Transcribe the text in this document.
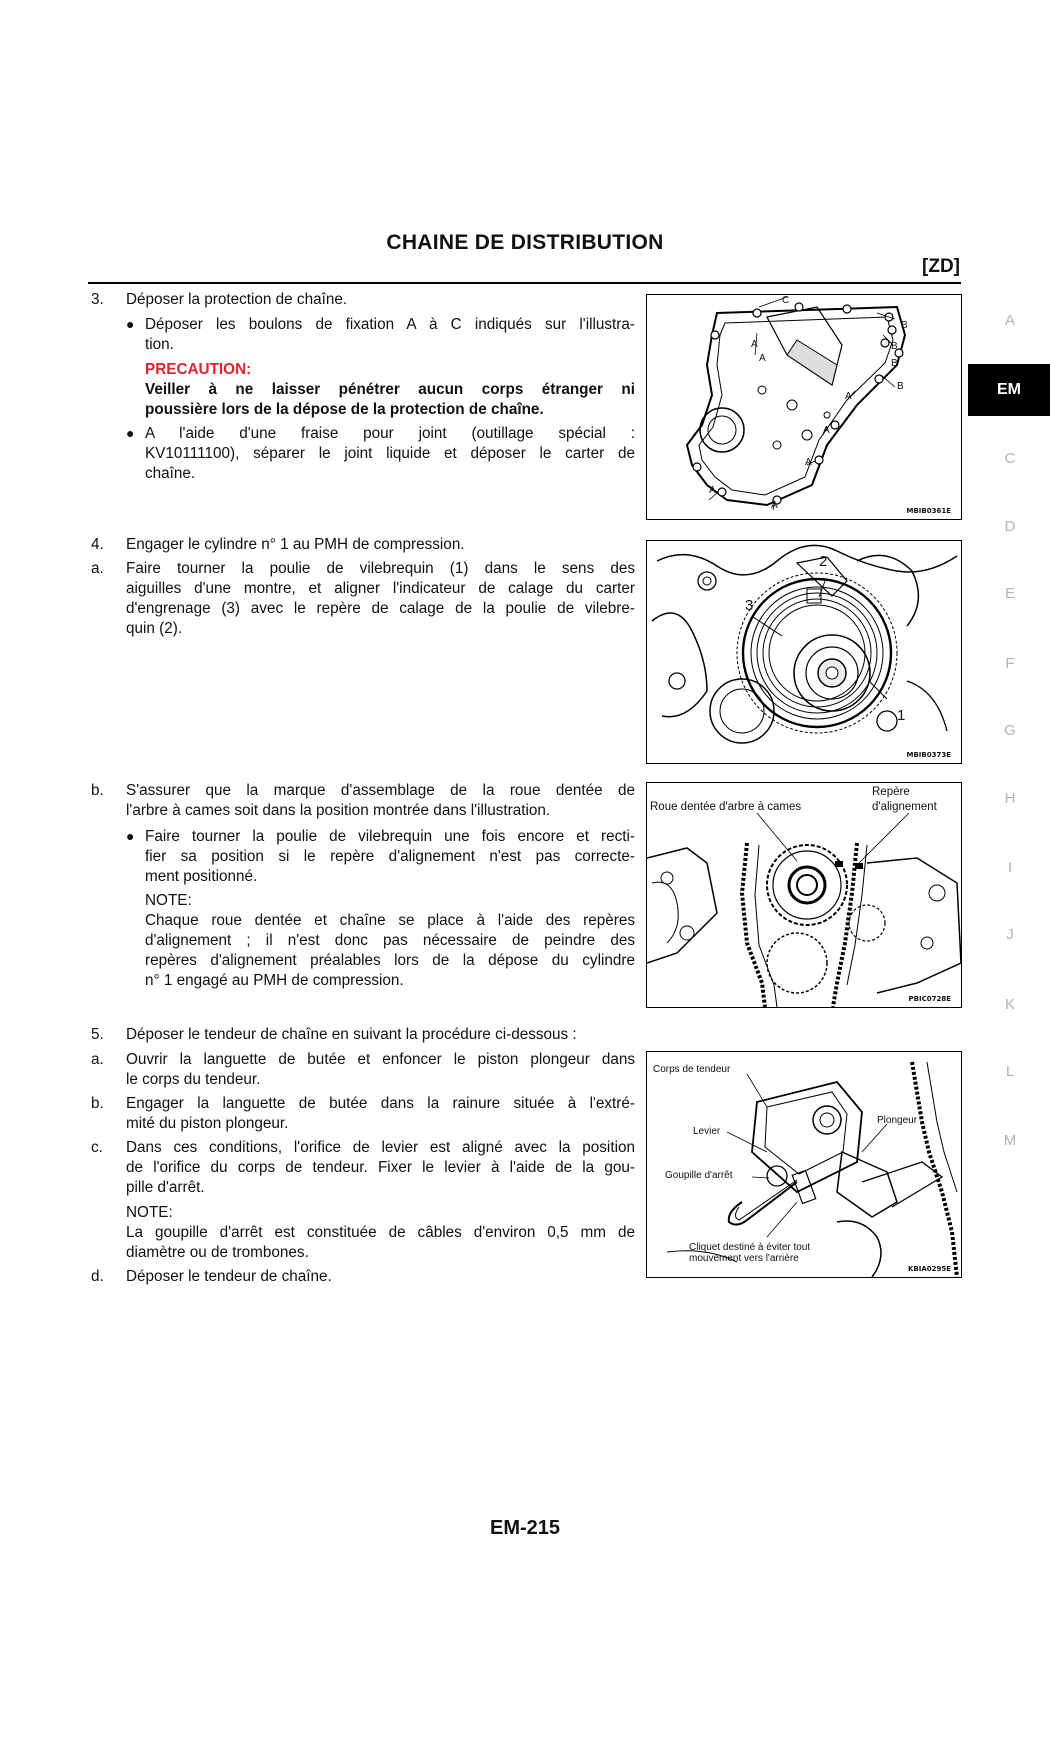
CHAINE DE DISTRIBUTION
[ZD]
A
EM
C
D
E
F
G
H
I
J
K
L
M
3. Déposer la protection de chaîne.
● Déposer les boulons de fixation A à C indiqués sur l'illustra-
tion.
PRECAUTION:
Veiller à ne laisser pénétrer aucun corps étranger ni
poussière lors de la dépose de la protection de chaîne.
● A l'aide d'une fraise pour joint (outillage spécial :
KV10111100), séparer le joint liquide et déposer le carter de
chaîne.
C
A
A
A
A
A
A
A
B
B
B
B
MBIB0361E
4. Engager le cylindre n° 1 au PMH de compression.
a. Faire tourner la poulie de vilebrequin (1) dans le sens des
aiguilles d'une montre, et aligner l'indicateur de calage du carter
d'engrenage (3) avec le repère de calage de la poulie de vilebre-
quin (2).
3
2
1
MBIB0373E
b. S'assurer que la marque d'assemblage de la roue dentée de
l'arbre à cames soit dans la position montrée dans l'illustration.
● Faire tourner la poulie de vilebrequin une fois encore et recti-
fier sa position si le repère d'alignement n'est pas correcte-
ment positionné.
NOTE:
Chaque roue dentée et chaîne se place à l'aide des repères
d'alignement ; il n'est donc pas nécessaire de peindre des
repères d'alignement préalables lors de la dépose du cylindre
n° 1 engagé au PMH de compression.
Roue dentée d'arbre à cames
Repère
d'alignement
PBIC0728E
5. Déposer le tendeur de chaîne en suivant la procédure ci-dessous :
a. Ouvrir la languette de butée et enfoncer le piston plongeur dans
le corps du tendeur.
b. Engager la languette de butée dans la rainure située à l'extré-
mité du piston plongeur.
c. Dans ces conditions, l'orifice de levier est aligné avec la position
de l'orifice du corps de tendeur. Fixer le levier à l'aide de la gou-
pille d'arrêt.
NOTE:
La goupille d'arrêt est constituée de câbles d'environ 0,5 mm de
diamètre ou de trombones.
d. Déposer le tendeur de chaîne.
Corps de tendeur
Levier
Goupille d'arrêt
Plongeur
Cliquet destiné à éviter tout
mouvement vers l'arrière
KBIA0295E
EM-215
